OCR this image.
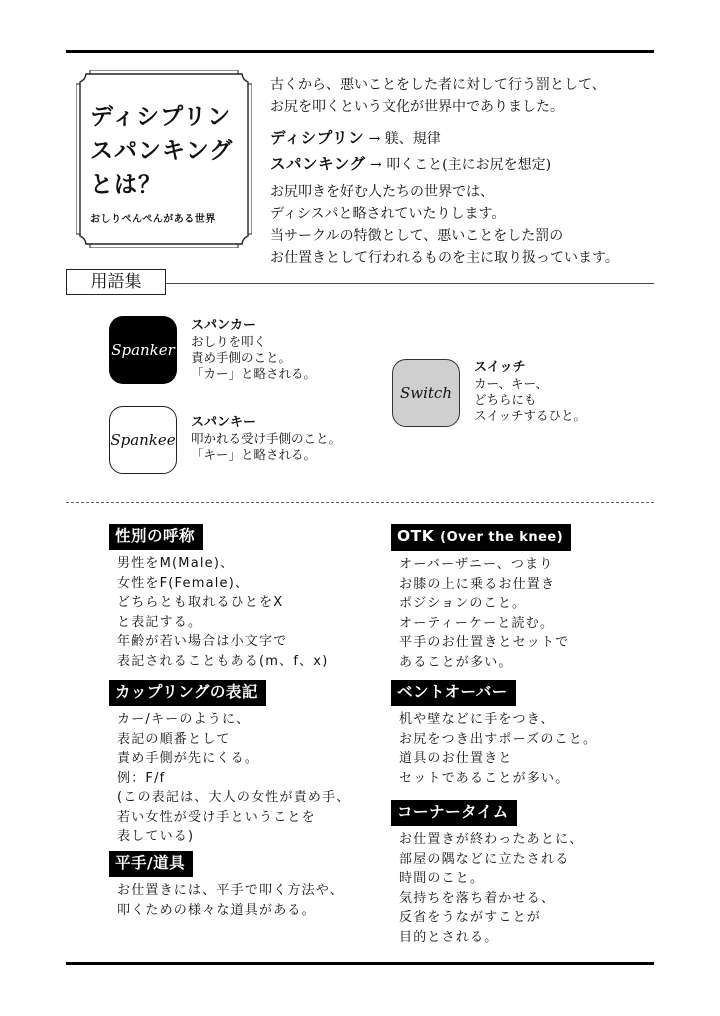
ディシプリン
スパンキング
とは？
おしりぺんぺんがある世界

古くから、悪いことをした者に対して行う罰として、

お尻を叩くという文化が世界中でありました。

ディシプリン → 躾、規律
スパンキング → 叩くこと(主にお尻を想定)

お尻叩きを好む人たちの世界では、

ディシスパと略されていたりします。

当サークルの特徴として、悪いことをした罰の

お仕置きとして行われるものを主に取り扱っています。

用語集
Spanker
スパンカー
おしりを叩く
責め手側のこと。
「カー」と略される。
Spankee
スパンキー
叩かれる受け手側のこと。
「キー」と略される。
Switch
スイッチ
カー、キー、
どちらにも
スイッチするひと。
性別の呼称
男性をM(Male)、
女性をF(Female)、
どちらとも取れるひとをX
と表記する。
年齢が若い場合は小文字で
表記されることもある(m、f、x)
カップリングの表記
カー/キーのように、
表記の順番として
責め手側が先にくる。
例：F/f
(この表記は、大人の女性が責め手、
若い女性が受け手ということを
表している)
平手/道具
お仕置きには、平手で叩く方法や、
叩くための様々な道具がある。
OTK (Over the knee)
オーバーザニー、つまり
お膝の上に乗るお仕置き
ポジションのこと。
オーティーケーと読む。
平手のお仕置きとセットで
あることが多い。
ベントオーバー
机や壁などに手をつき、
お尻をつき出すポーズのこと。
道具のお仕置きと
セットであることが多い。
コーナータイム
お仕置きが終わったあとに、
部屋の隅などに立たされる
時間のこと。
気持ちを落ち着かせる、
反省をうながすことが
目的とされる。
